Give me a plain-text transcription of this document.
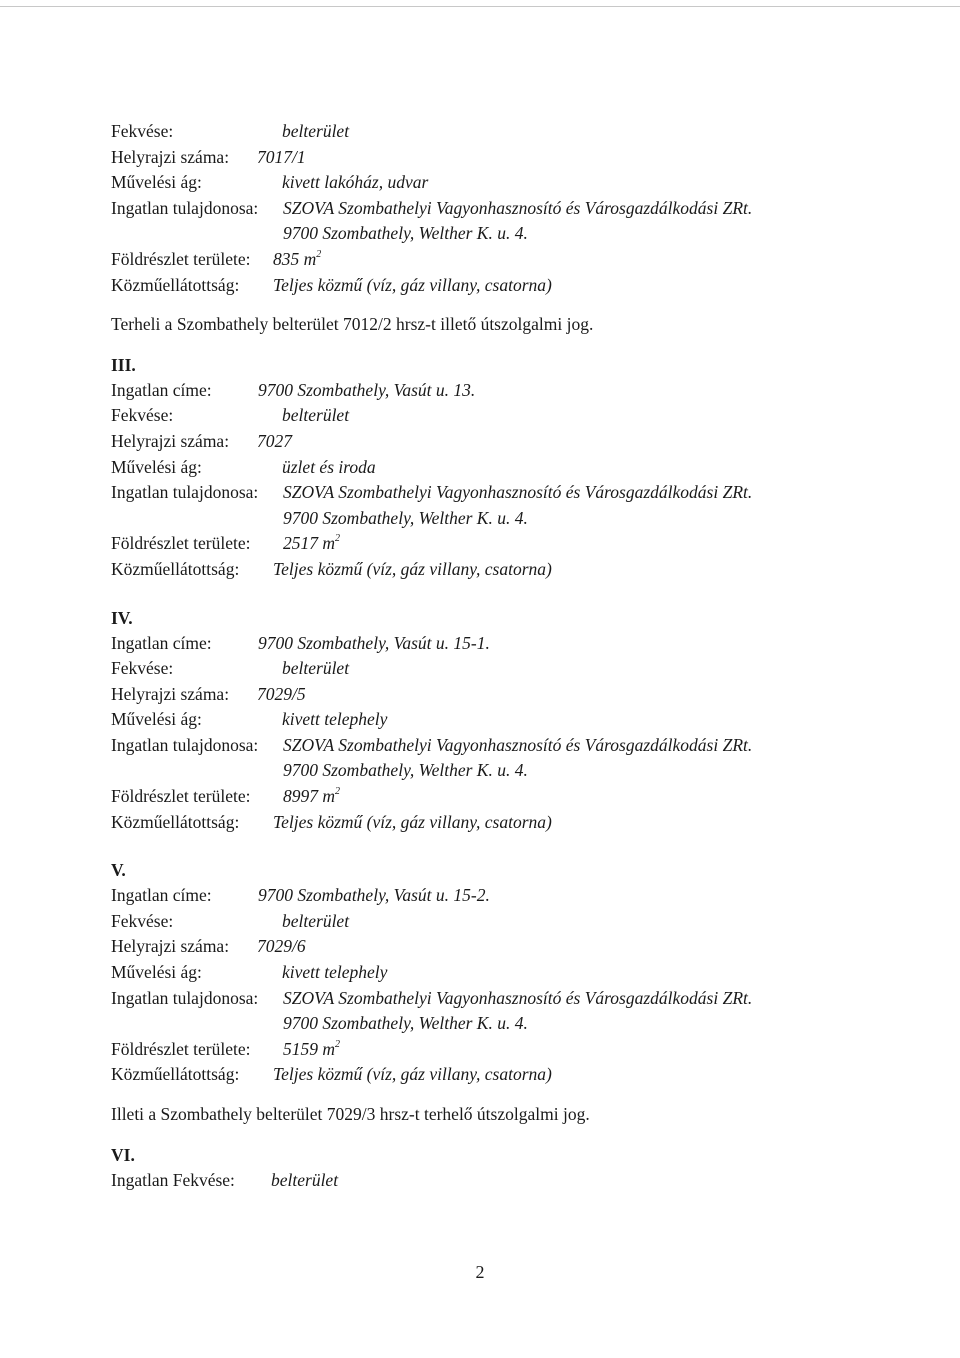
Fekvése:	belterület
Helyrajzi száma: 7017/1
Művelési ág:	kivett lakóház, udvar
Ingatlan tulajdonosa: SZOVA Szombathelyi Vagyonhasznosító és Városgazdálkodási ZRt.
9700 Szombathely, Welther K. u. 4.
Földrészlet területe: 835 $m^2$
Közműellátottság: Teljes közmű (víz, gáz villany, csatorna)
Terheli a Szombathely belterület 7012/2 hrsz-t illető útszolgalmi jog.
III.
Ingatlan címe:	9700 Szombathely, Vasút u. 13.
Fekvése:	belterület
Helyrajzi száma: 7027
Művelési ág:	üzlet és iroda
Ingatlan tulajdonosa: SZOVA Szombathelyi Vagyonhasznosító és Városgazdálkodási ZRt.
9700 Szombathely, Welther K. u. 4.
Földrészlet területe: 2517 $m^2$
Közműellátottság: Teljes közmű (víz, gáz villany, csatorna)
IV.
Ingatlan címe:	9700 Szombathely, Vasút u. 15-1.
Fekvése:	belterület
Helyrajzi száma: 7029/5
Művelési ág:	kivett telephely
Ingatlan tulajdonosa: SZOVA Szombathelyi Vagyonhasznosító és Városgazdálkodási ZRt.
9700 Szombathely, Welther K. u. 4.
Földrészlet területe: 8997 $m^2$
Közműellátottság: Teljes közmű (víz, gáz villany, csatorna)
V.
Ingatlan címe:	9700 Szombathely, Vasút u. 15-2.
Fekvése:	belterület
Helyrajzi száma: 7029/6
Művelési ág:	kivett telephely
Ingatlan tulajdonosa: SZOVA Szombathelyi Vagyonhasznosító és Városgazdálkodási ZRt.
9700 Szombathely, Welther K. u. 4.
Földrészlet területe: 5159 $m^2$
Közműellátottság: Teljes közmű (víz, gáz villany, csatorna)
Illeti a Szombathely belterület 7029/3 hrsz-t terhelő útszolgalmi jog.
VI.
Ingatlan Fekvése: belterület
2
